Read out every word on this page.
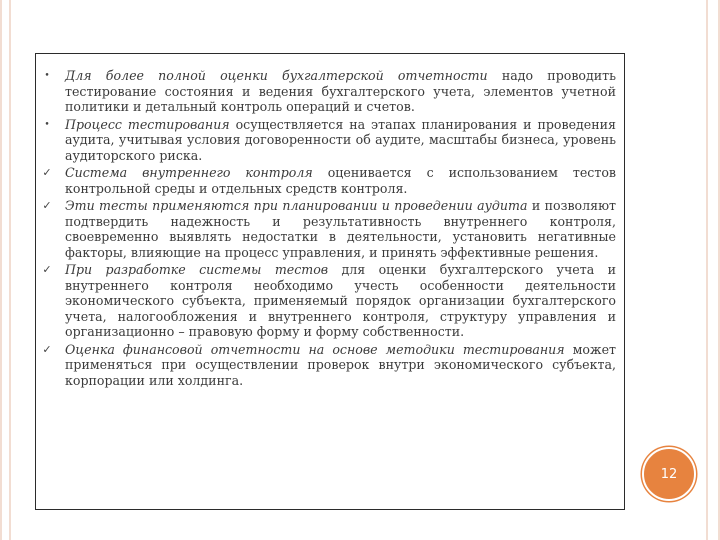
•	Для более полной оценки бухгалтерской отчетности надо проводить тестирование состояния и ведения бухгалтерского учета, элементов учетной политики и детальный контроль операций и счетов.
•	Процесс тестирования осуществляется на этапах планирования и проведения аудита, учитывая условия договоренности об аудите, масштабы бизнеса, уровень аудиторского риска.
✓ Система внутреннего контроля оценивается с использованием тестов контрольной среды и отдельных средств контроля.
✓ Эти тесты применяются при планировании и проведении аудита и позволяют подтвердить надежность и результативность внутреннего контроля, своевременно выявлять недостатки в деятельности, установить негативные факторы, влияющие на процесс управления, и принять эффективные решения.
✓ При разработке системы тестов для оценки бухгалтерского учета и внутреннего контроля необходимо учесть особенности деятельности экономического субъекта, применяемый порядок организации бухгалтерского учета, налогообложения и внутреннего контроля, структуру управления и организационно – правовую форму и форму собственности.
✓ Оценка финансовой отчетности на основе методики тестирования может применяться при осуществлении проверок внутри экономического субъекта, корпорации или холдинга.
12
